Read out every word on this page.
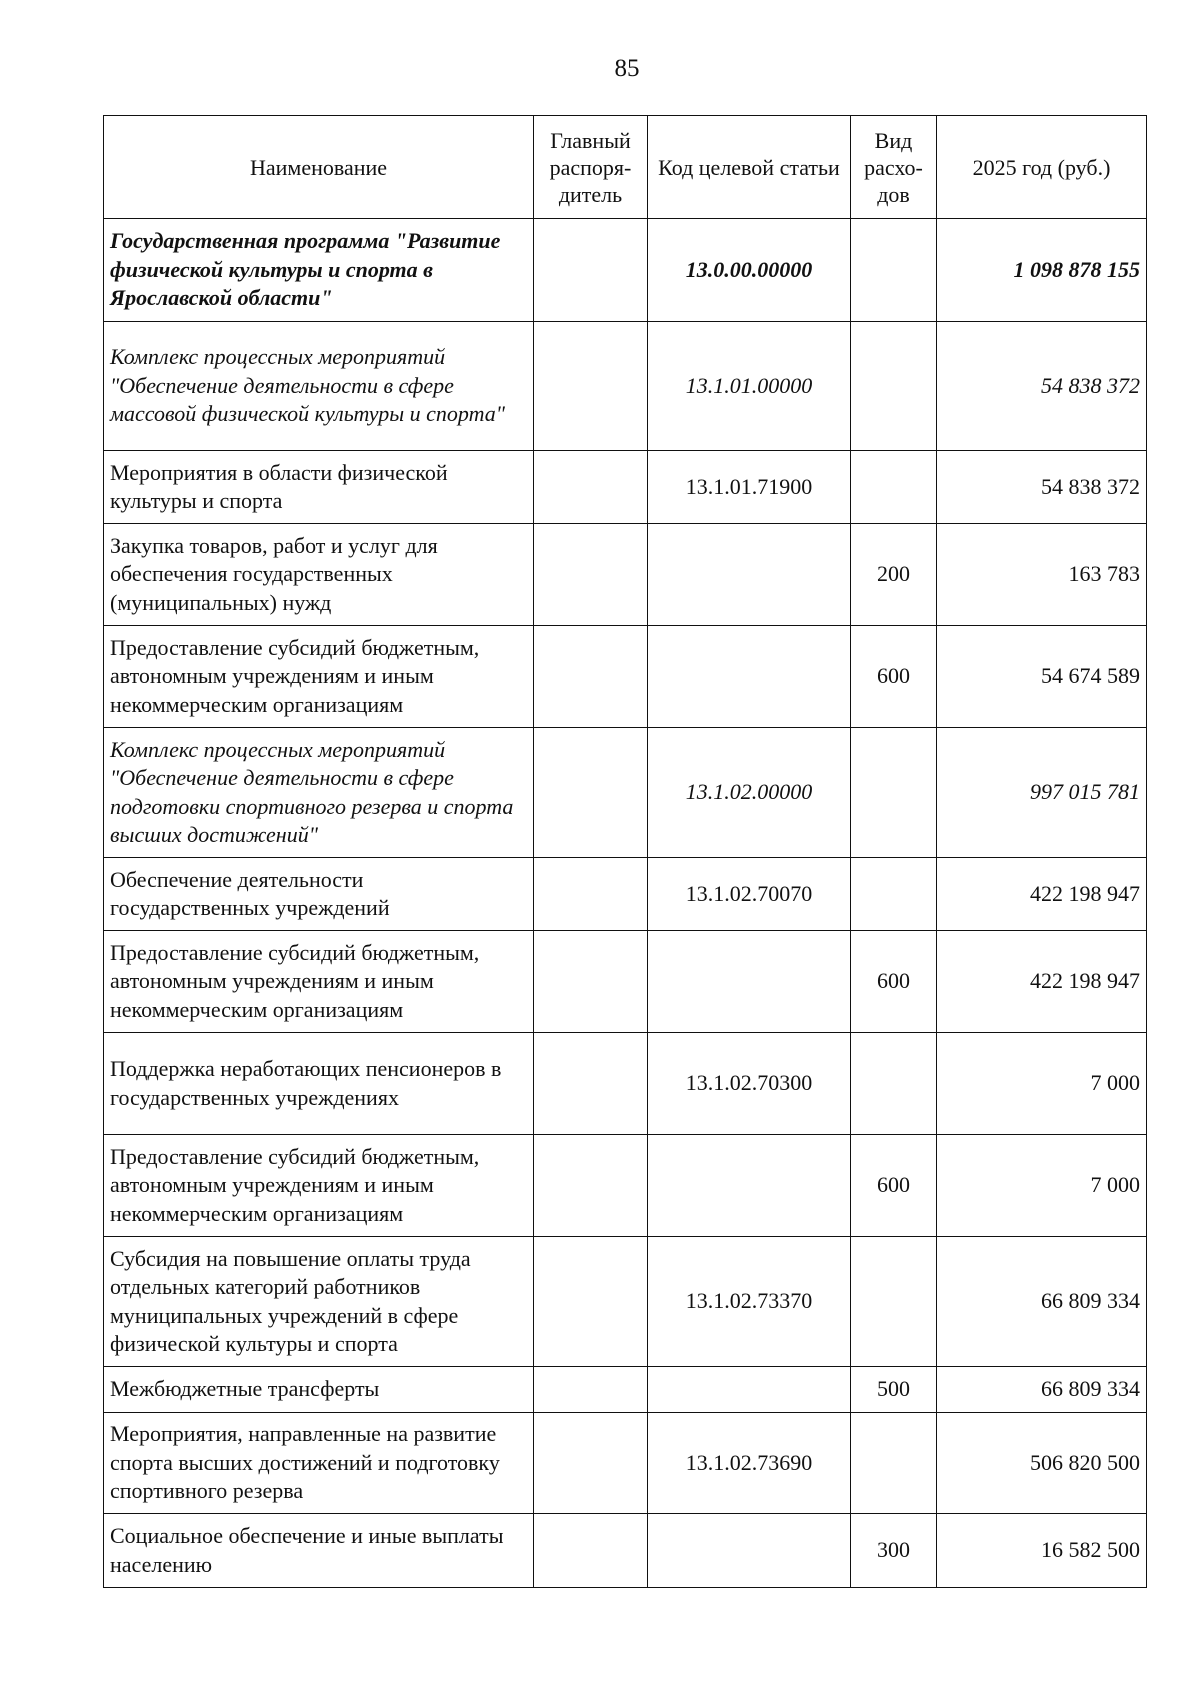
85
Наименование	Главный распоря-дитель	Код целевой статьи	Вид расхо-дов	2025 год (руб.)
Государственная программа "Развитие физической культуры и спорта в Ярославской области"		13.0.00.00000		1 098 878 155
Комплекс процессных мероприятий "Обеспечение деятельности в сфере массовой физической культуры и спорта"		13.1.01.00000		54 838 372
Мероприятия в области физической культуры и спорта		13.1.01.71900		54 838 372
Закупка товаров, работ и услуг для обеспечения государственных (муниципальных) нужд			200	163 783
Предоставление субсидий бюджетным, автономным учреждениям и иным некоммерческим организациям			600	54 674 589
Комплекс процессных мероприятий "Обеспечение деятельности в сфере подготовки спортивного резерва и спорта высших достижений"		13.1.02.00000		997 015 781
Обеспечение деятельности государственных учреждений		13.1.02.70070		422 198 947
Предоставление субсидий бюджетным, автономным учреждениям и иным некоммерческим организациям			600	422 198 947
Поддержка неработающих пенсионеров в государственных учреждениях		13.1.02.70300		7 000
Предоставление субсидий бюджетным, автономным учреждениям и иным некоммерческим организациям			600	7 000
Субсидия на повышение оплаты труда отдельных категорий работников муниципальных учреждений в сфере физической культуры и спорта		13.1.02.73370		66 809 334
Межбюджетные трансферты			500	66 809 334
Мероприятия, направленные на развитие спорта высших достижений и подготовку спортивного резерва		13.1.02.73690		506 820 500
Социальное обеспечение и иные выплаты населению			300	16 582 500
